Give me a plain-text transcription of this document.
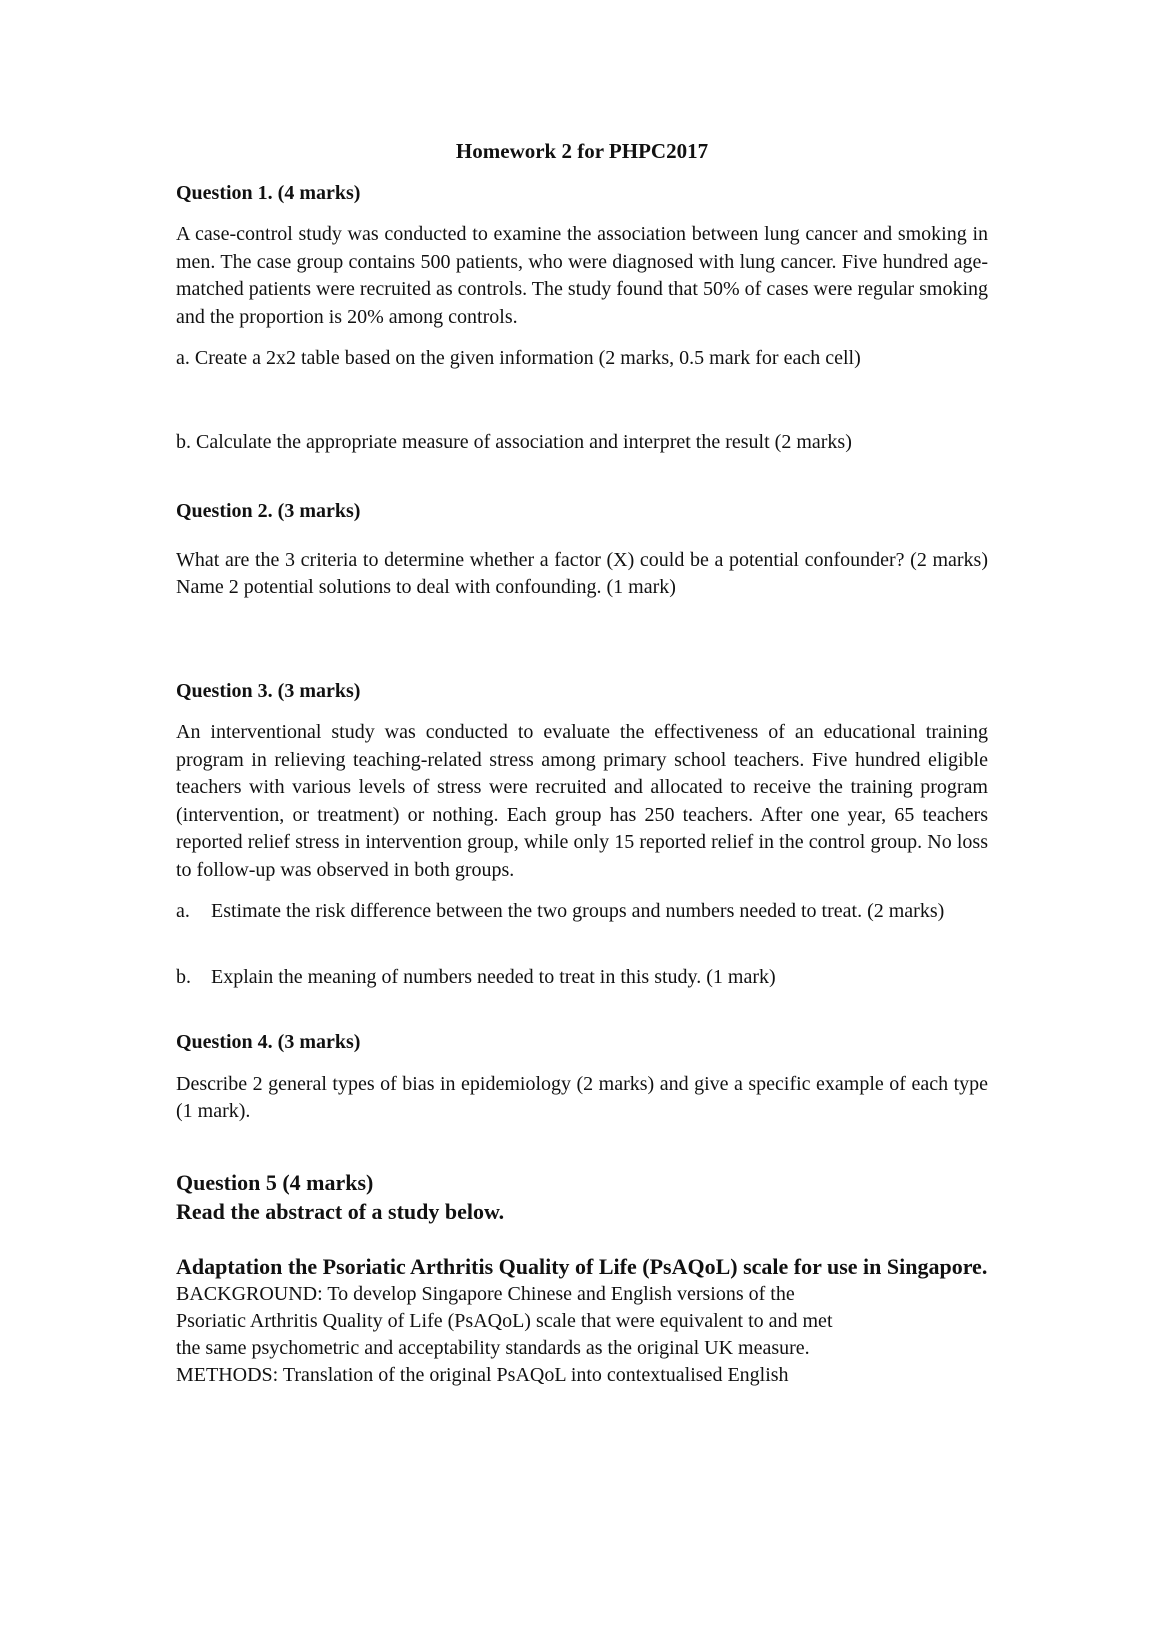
Homework 2 for PHPC2017
Question 1. (4 marks)
A case-control study was conducted to examine the association between lung cancer and smoking in men. The case group contains 500 patients, who were diagnosed with lung cancer. Five hundred age-matched patients were recruited as controls. The study found that 50% of cases were regular smoking and the proportion is 20% among controls.
a. Create a 2x2 table based on the given information (2 marks, 0.5 mark for each cell)
b. Calculate the appropriate measure of association and interpret the result (2 marks)
Question 2. (3 marks)
What are the 3 criteria to determine whether a factor (X) could be a potential confounder? (2 marks) Name 2 potential solutions to deal with confounding. (1 mark)
Question 3. (3 marks)
An interventional study was conducted to evaluate the effectiveness of an educational training program in relieving teaching-related stress among primary school teachers. Five hundred eligible teachers with various levels of stress were recruited and allocated to receive the training program (intervention, or treatment) or nothing. Each group has 250 teachers. After one year, 65 teachers reported relief stress in intervention group, while only 15 reported relief in the control group. No loss to follow-up was observed in both groups.
a.	Estimate the risk difference between the two groups and numbers needed to treat. (2 marks)
b.	Explain the meaning of numbers needed to treat in this study. (1 mark)
Question 4. (3 marks)
Describe 2 general types of bias in epidemiology (2 marks) and give a specific example of each type (1 mark).
Question 5 (4 marks)
Read the abstract of a study below.
Adaptation the Psoriatic Arthritis Quality of Life (PsAQoL) scale for use in Singapore.
BACKGROUND: To develop Singapore Chinese and English versions of the
Psoriatic Arthritis Quality of Life (PsAQoL) scale that were equivalent to and met
the same psychometric and acceptability standards as the original UK measure.
METHODS: Translation of the original PsAQoL into contextualised English
